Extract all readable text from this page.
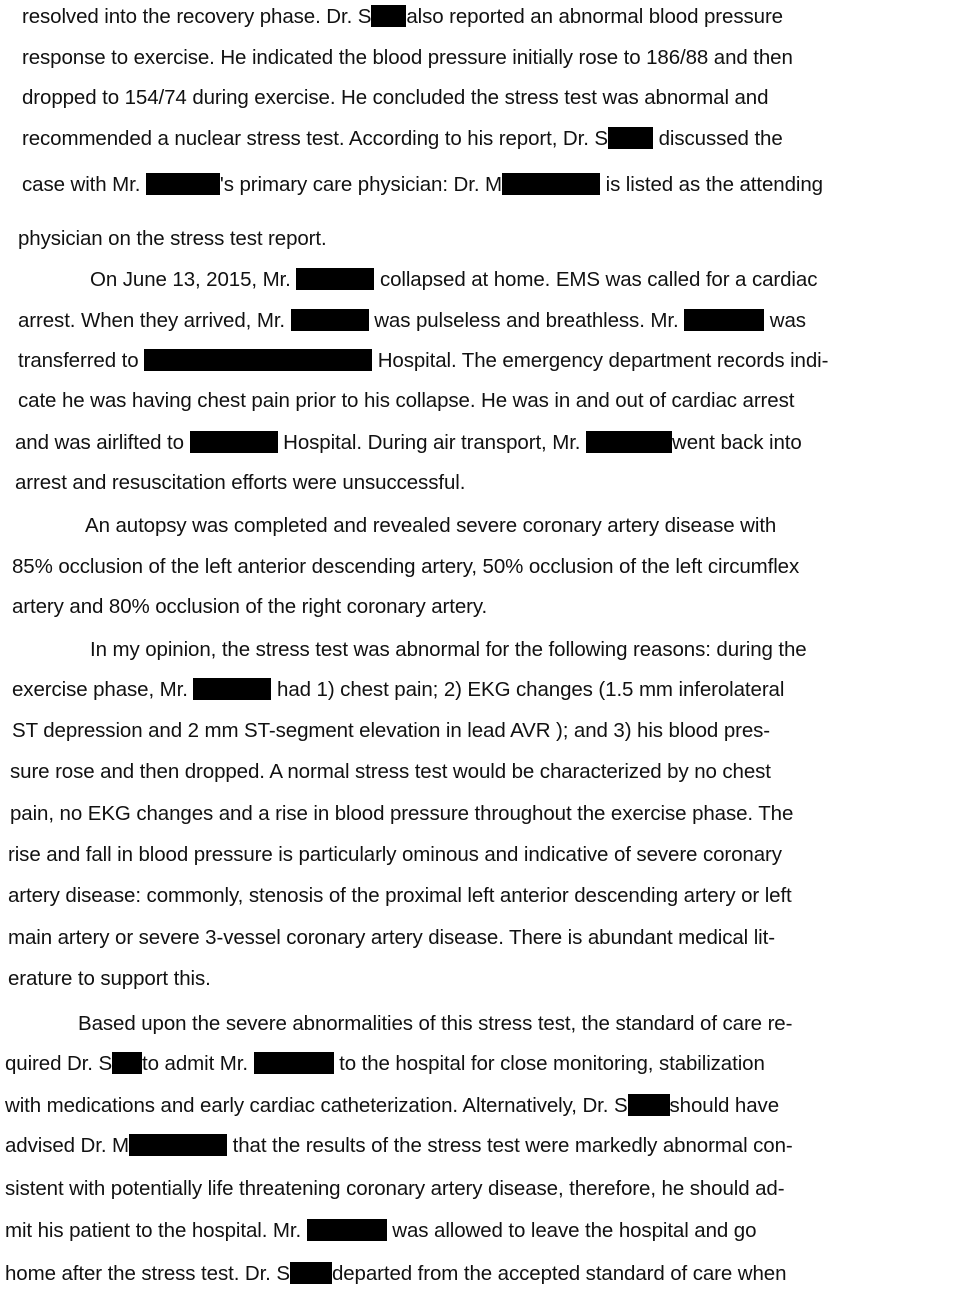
resolved into the recovery phase. Dr. S also reported an abnormal blood pressure
response to exercise. He indicated the blood pressure initially rose to 186/88 and then
dropped to 154/74 during exercise. He concluded the stress test was abnormal and
recommended a nuclear stress test. According to his report, Dr. S discussed the
case with Mr.	's primary care physician: Dr. M	is listed as the attending
physician on the stress test report.
On June 13, 2015, Mr.	collapsed at home. EMS was called for a cardiac
arrest. When they arrived, Mr.	was pulseless and breathless. Mr.	was
transferred to	Hospital. The emergency department records indi-
cate he was having chest pain prior to his collapse. He was in and out of cardiac arrest
and was airlifted to	Hospital. During air transport, Mr.	went back into
arrest and resuscitation efforts were unsuccessful.
An autopsy was completed and revealed severe coronary artery disease with
85% occlusion of the left anterior descending artery, 50% occlusion of the left circumflex
artery and 80% occlusion of the right coronary artery.
In my opinion, the stress test was abnormal for the following reasons: during the
exercise phase, Mr.	had 1) chest pain; 2) EKG changes (1.5 mm inferolateral
ST depression and 2 mm ST-segment elevation in lead AVR ); and 3) his blood pres-
sure rose and then dropped. A normal stress test would be characterized by no chest
pain, no EKG changes and a rise in blood pressure throughout the exercise phase. The
rise and fall in blood pressure is particularly ominous and indicative of severe coronary
artery disease: commonly, stenosis of the proximal left anterior descending artery or left
main artery or severe 3-vessel coronary artery disease. There is abundant medical lit-
erature to support this.
Based upon the severe abnormalities of this stress test, the standard of care re-
quired Dr. S to admit Mr.	to the hospital for close monitoring, stabilization
with medications and early cardiac catheterization. Alternatively, Dr. S should have
advised Dr. M	that the results of the stress test were markedly abnormal con-
sistent with potentially life threatening coronary artery disease, therefore, he should ad-
mit his patient to the hospital. Mr.	was allowed to leave the hospital and go
home after the stress test. Dr. S departed from the accepted standard of care when
